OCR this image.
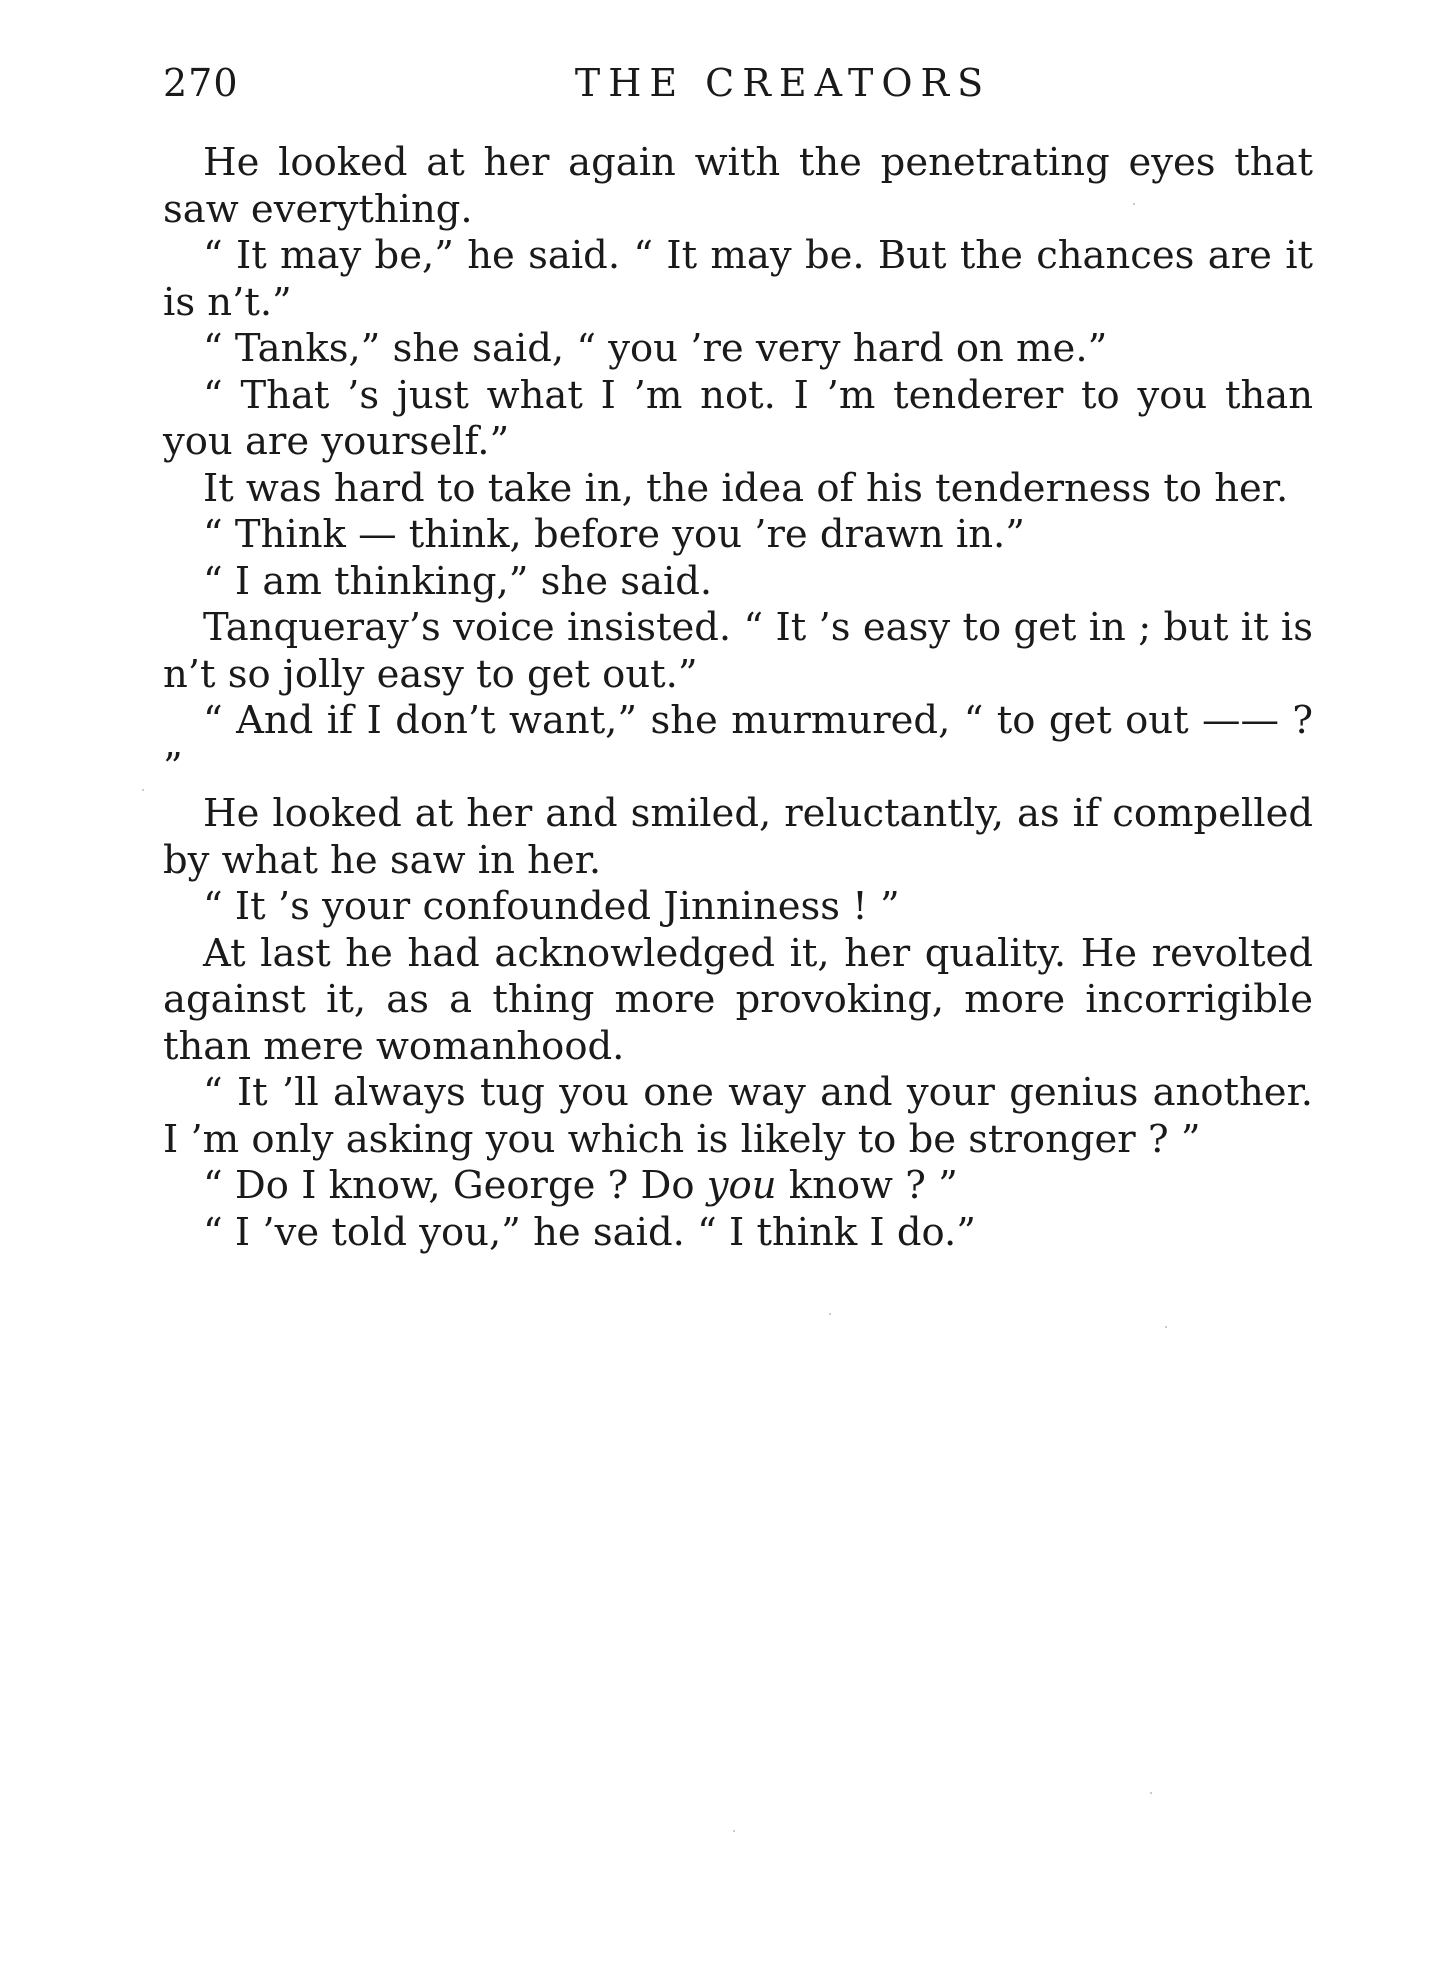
270	THE CREATORS

He looked at her again with the penetrating eyes that saw everything.

“ It may be,” he said. “ It may be. But the chances are it is n’t.”

“ Tanks,” she said, “ you ’re very hard on me.”

“ That ’s just what I ’m not. I ’m tenderer to you than you are yourself.”

It was hard to take in, the idea of his tenderness to her.

“ Think — think, before you ’re drawn in.”

“ I am thinking,” she said.

Tanqueray’s voice insisted. “ It ’s easy to get in ; but it is n’t so jolly easy to get out.”

“ And if I don’t want,” she murmured, “ to get out —— ? ”

He looked at her and smiled, reluctantly, as if compelled by what he saw in her.

“ It ’s your confounded Jinniness ! ”

At last he had acknowledged it, her quality. He revolted against it, as a thing more provoking, more incorrigible than mere womanhood.

“ It ’ll always tug you one way and your genius another. I ’m only asking you which is likely to be stronger ? ”

“ Do I know, George ? Do you know ? ”

“ I ’ve told you,” he said. “ I think I do.”
